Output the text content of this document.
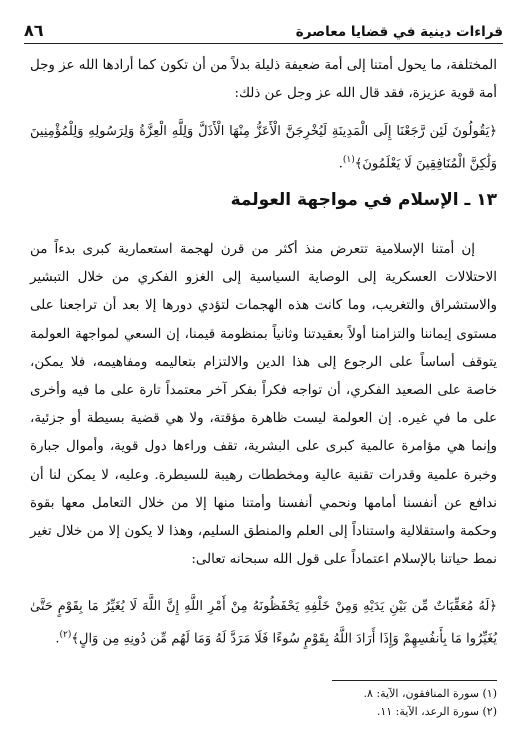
قراءات دينية في قضايا معاصرة
٨٦

المختلفة، ما يحول أمتنا إلى أمة ضعيفة ذليلة بدلاً من أن تكون كما أرادها الله عز وجل أمة قوية عزيزة، فقد قال الله عز وجل عن ذلك:

﴿يَقُولُونَ لَئِن رَّجَعْنَا إِلَى الْمَدِينَةِ لَيُخْرِجَنَّ الْأَعَزُّ مِنْهَا الْأَذَلَّ وَلِلَّهِ الْعِزَّةُ وَلِرَسُولِهِ وَلِلْمُؤْمِنِينَ وَلَٰكِنَّ الْمُنَافِقِينَ لَا يَعْلَمُونَ﴾$^{(١)}$.

١٣ ـ الإسلام في مواجهة العولمة

إن أمتنا الإسلامية تتعرض منذ أكثر من قرن لهجمة استعمارية كبرى بدءاً من الاحتلالات العسكرية إلى الوصاية السياسية إلى الغزو الفكري من خلال التبشير والاستشراق والتغريب، وما كانت هذه الهجمات لتؤدي دورها إلا بعد أن تراجعنا على مستوى إيماننا والتزامنا أولاً بعقيدتنا وثانياً بمنظومة قيمنا، إن السعي لمواجهة العولمة يتوقف أساساً على الرجوع إلى هذا الدين والالتزام بتعاليمه ومفاهيمه، فلا يمكن، خاصة على الصعيد الفكري، أن تواجه فكراً بفكر آخر معتمداً تارة على ما فيه وأخرى على ما في غيره. إن العولمة ليست ظاهرة مؤقتة، ولا هي قضية بسيطة أو جزئية، وإنما هي مؤامرة عالمية كبرى على البشرية، تقف وراءها دول قوية، وأموال جبارة وخبرة علمية وقدرات تقنية عالية ومخططات رهيبة للسيطرة. وعليه، لا يمكن لنا أن ندافع عن أنفسنا أمامها ونحمي أنفسنا وأمتنا منها إلا من خلال التعامل معها بقوة وحكمة واستقلالية واستناداً إلى العلم والمنطق السليم، وهذا لا يكون إلا من خلال تغير نمط حياتنا بالإسلام اعتماداً على قول الله سبحانه تعالى:

﴿لَهُ مُعَقِّبَاتٌ مِّن بَيْنِ يَدَيْهِ وَمِنْ خَلْفِهِ يَحْفَظُونَهُ مِنْ أَمْرِ اللَّهِ إِنَّ اللَّهَ لَا يُغَيِّرُ مَا بِقَوْمٍ حَتَّىٰ يُغَيِّرُوا مَا بِأَنفُسِهِمْ وَإِذَا أَرَادَ اللَّهُ بِقَوْمٍ سُوءًا فَلَا مَرَدَّ لَهُ وَمَا لَهُم مِّن دُونِهِ مِن وَالٍ﴾$^{(٢)}$.

(١) سورة المنافقون، الآية: ٨.
(٢) سورة الرعد، الآية: ١١.
